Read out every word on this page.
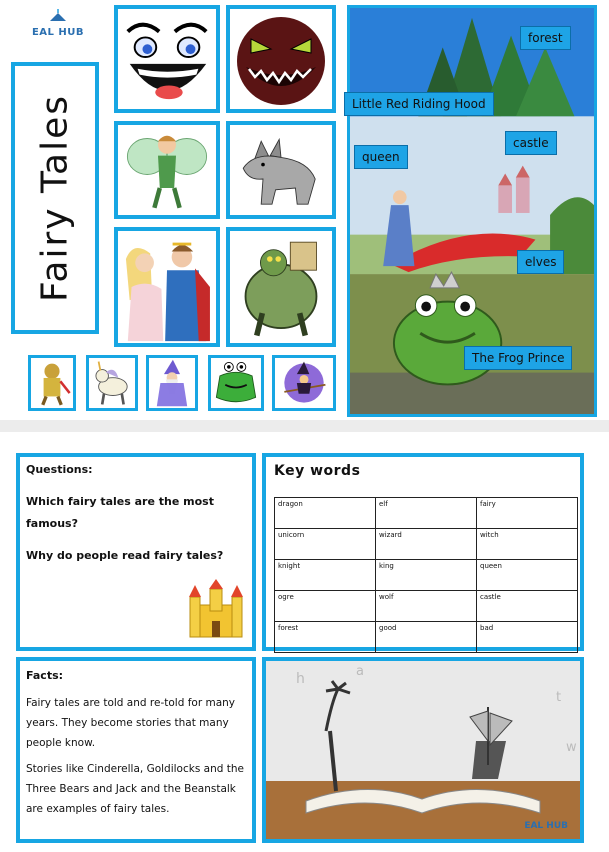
EAL HUB
Fairy Tales
forest
Little Red Riding Hood
castle
queen
elves
The Frog Prince
Questions:
Which fairy tales are the most famous?
Why do people read fairy tales?
Key words
dragon	elf	fairy
unicorn	wizard	witch
knight	king	queen
ogre	wolf	castle
forest	good	bad
Facts:
Fairy tales are told and re-told for many years. They become stories that many people know.
Stories like Cinderella, Goldilocks and the Three Bears and Jack and the Beanstalk are examples of fairy tales.
h	a
w
t
EAL HUB
